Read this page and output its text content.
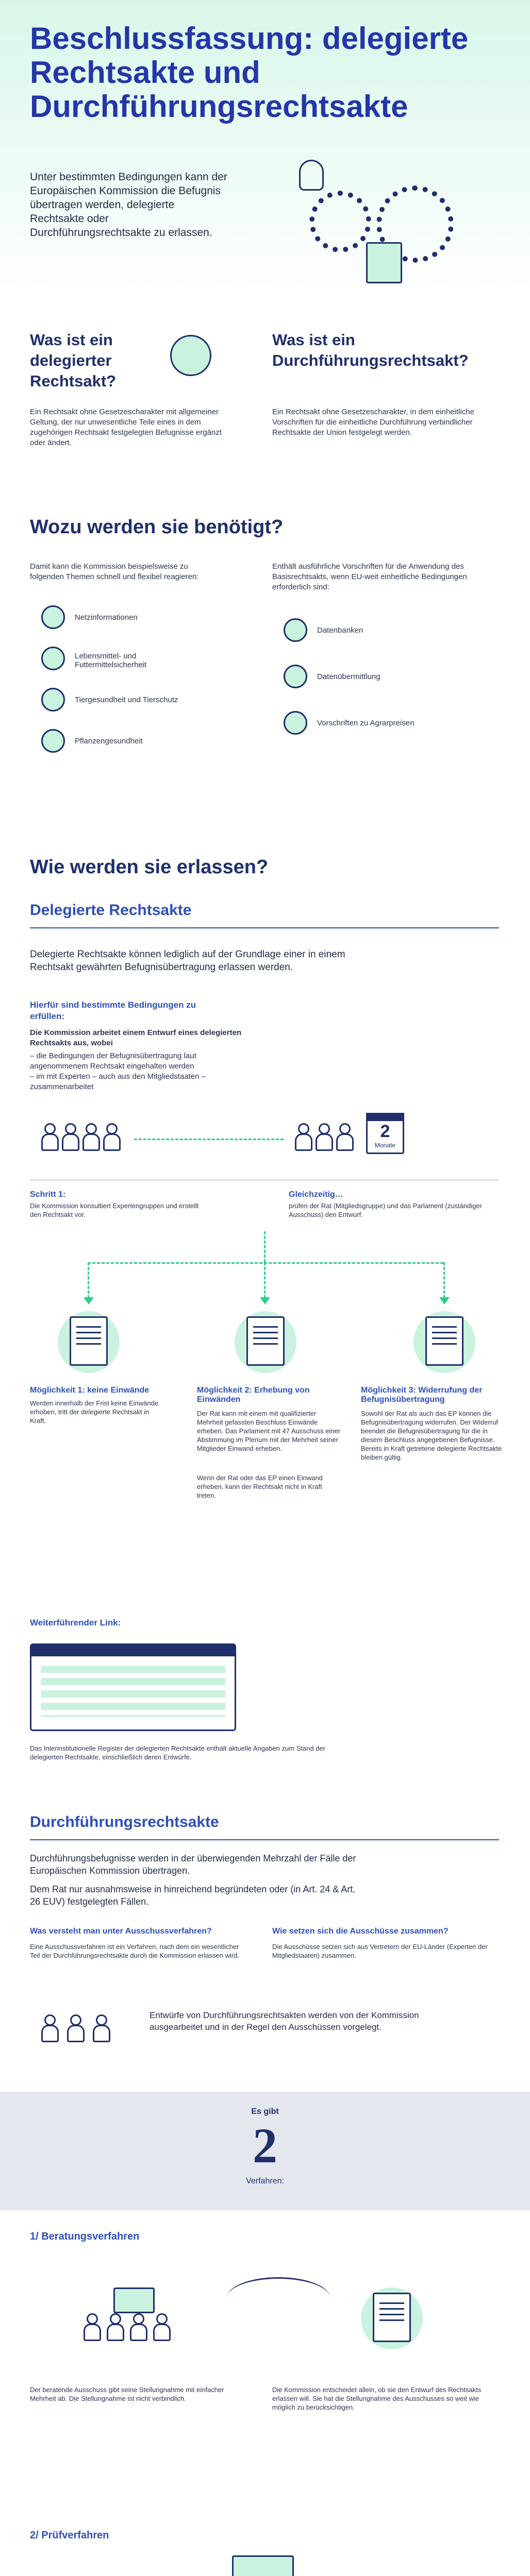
Beschlussfassung: delegierte Rechtsakte und Durchführungsrechtsakte

Unter bestimmten Bedingungen kann der Europäischen Kommission die Befugnis übertragen werden, delegierte Rechtsakte oder Durchführungsrechtsakte zu erlassen.

Was ist ein delegierter Rechtsakt?

Ein Rechtsakt ohne Gesetzescharakter mit allgemeiner Geltung, der nur unwesentliche Teile eines in dem zugehörigen Rechtsakt festgelegten Befugnisse ergänzt oder ändert.

Was ist ein Durchführungsrechtsakt?

Ein Rechtsakt ohne Gesetzescharakter, in dem einheitliche Vorschriften für die einheitliche Durchführung verbindlicher Rechtsakte der Union festgelegt werden.

Wozu werden sie benötigt?

Damit kann die Kommission beispielsweise zu folgenden Themen schnell und flexibel reagieren:

Enthält ausführliche Vorschriften für die Anwendung des Basisrechtsakts, wenn EU-weit einheitliche Bedingungen erforderlich sind:

Netzinformationen
Lebensmittel- und Futtermittelsicherheit
Tiergesundheit und Tierschutz
Pflanzengesundheit
Datenbanken
Datenübermittlung
Vorschriften zu Agrarpreisen
Wie werden sie erlassen?
Delegierte Rechtsakte

Delegierte Rechtsakte können lediglich auf der Grundlage einer in einem Rechtsakt gewährten Befugnisübertragung erlassen werden.

Hierfür sind bestimmte Bedingungen zu erfüllen:

Die Kommission arbeitet einem Entwurf eines delegierten Rechtsakts aus, wobei

– die Bedingungen der Befugnisübertragung laut angenommenem Rechtsakt eingehalten werden

– im mit Experten – auch aus den Mitgliedstaaten – zusammenarbeitet

2
Monate
Schritt 1:

Die Kommission konsultiert Expertengruppen und erstellt den Rechtsakt vor.

Gleichzeitig…

prüfen der Rat (Mitgliedsgruppe) und das Parlament (zuständiger Ausschuss) den Entwurf.

Möglichkeit 1: keine Einwände

Werden innerhalb der Frist keine Einwände erhoben, tritt der delegierte Rechtsakt in Kraft.

Möglichkeit 2: Erhebung von Einwänden

Der Rat kann mit einem mit qualifizierter Mehrheit gefassten Beschluss Einwände erheben. Das Parlament mit 47 Ausschuss einer Abstimmung im Plenum mit der Mehrheit seiner Mitglieder Einwand erheben.

Wenn der Rat oder das EP einen Einwand erheben, kann der Rechtsakt nicht in Kraft treten.

Möglichkeit 3: Widerrufung der Befugnisübertragung

Sowohl der Rat als auch das EP können die Befugnisübertragung widerrufen. Der Widerruf beendet die Befugnisübertragung für die in diesem Beschluss angegebenen Befugnisse. Bereits in Kraft getretene delegierte Rechtsakte bleiben gültig.

Weiterführender Link:

Das Interinstitutionelle Register der delegierten Rechtsakte enthält aktuelle Angaben zum Stand der delegierten Rechtsakte, einschließlich deren Entwürfe.

Durchführungsrechtsakte

Durchführungsbefugnisse werden in der überwiegenden Mehrzahl der Fälle der Europäischen Kommission übertragen.

Dem Rat nur ausnahmsweise in hinreichend begründeten oder (in Art. 24 & Art. 26 EUV) festgelegten Fällen.

Was versteht man unter Ausschussverfahren?

Eine Ausschussverfahren ist ein Verfahren, nach dem ein wesentlicher Teil der Durchführungsrechtsakte durch die Kommission erlassen wird.

Wie setzen sich die Ausschüsse zusammen?

Die Ausschüsse setzen sich aus Vertretern der EU-Länder (Experten der Mitgliedstaaten) zusammen.

Entwürfe von Durchführungsrechtsakten werden von der Kommission ausgearbeitet und in der Regel den Ausschüssen vorgelegt.

Es gibt
2
Verfahren:
1/ Beratungsverfahren

Der beratende Ausschuss gibt seine Stellungnahme mit einfacher Mehrheit ab. Die Stellungnahme ist nicht verbindlich.

Die Kommission entscheidet allein, ob sie den Entwurf des Rechtsakts erlassen will. Sie hat die Stellungnahme des Ausschusses so weit wie möglich zu berücksichtigen.

2/ Prüfverfahren
